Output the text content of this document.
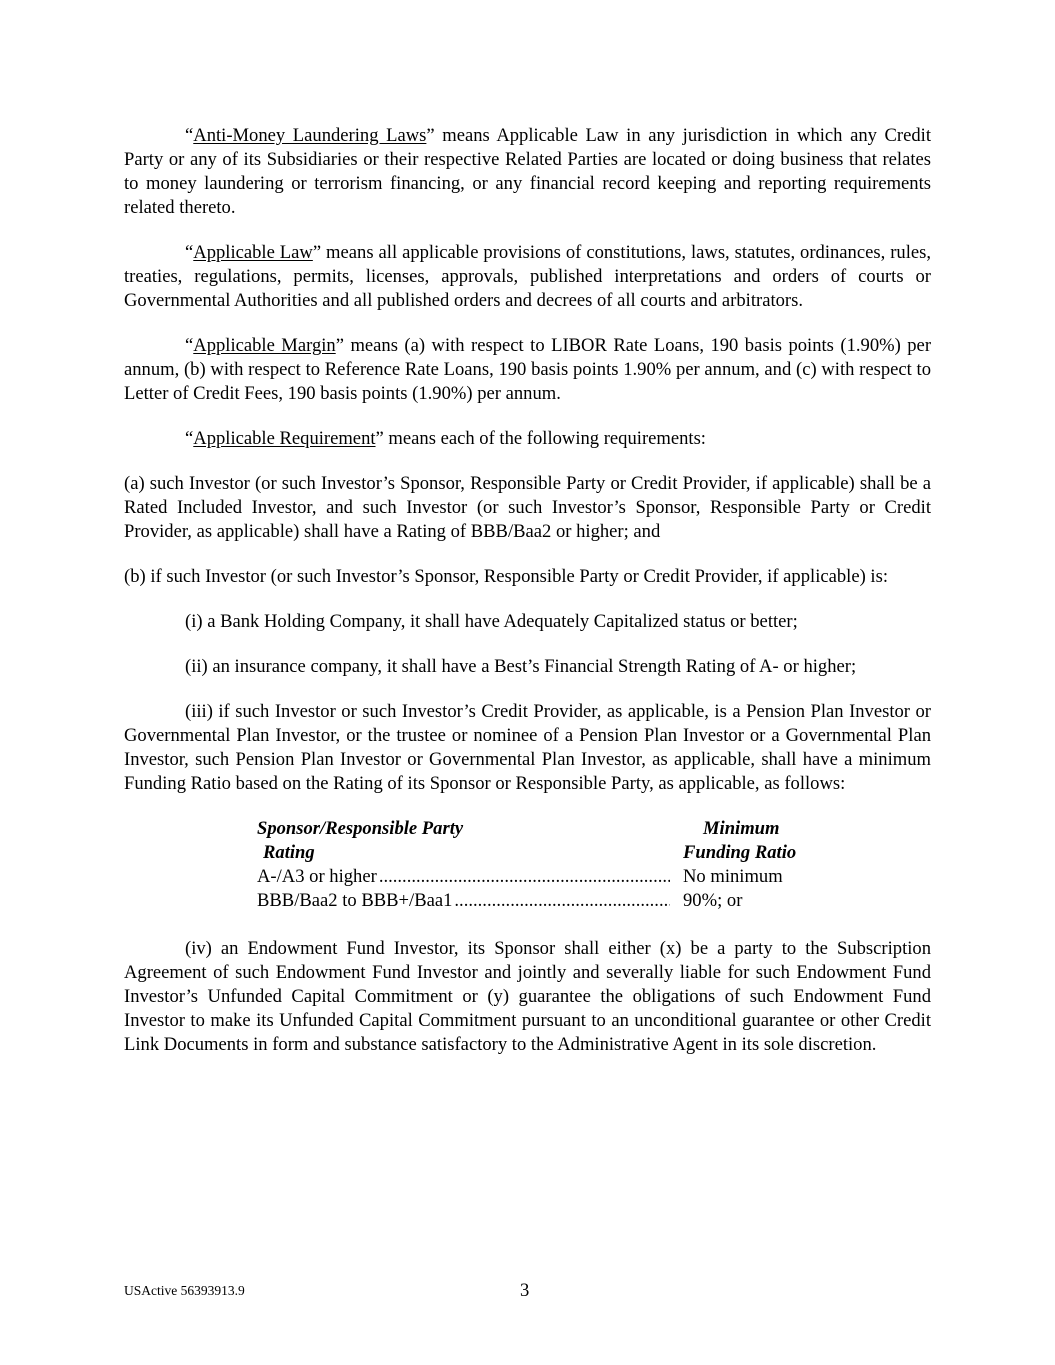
“Anti-Money Laundering Laws” means Applicable Law in any jurisdiction in which any Credit Party or any of its Subsidiaries or their respective Related Parties are located or doing business that relates to money laundering or terrorism financing, or any financial record keeping and reporting requirements related thereto.

“Applicable Law” means all applicable provisions of constitutions, laws, statutes, ordinances, rules, treaties, regulations, permits, licenses, approvals, published interpretations and orders of courts or Governmental Authorities and all published orders and decrees of all courts and arbitrators.

“Applicable Margin” means (a) with respect to LIBOR Rate Loans, 190 basis points (1.90%) per annum, (b) with respect to Reference Rate Loans, 190 basis points 1.90% per annum, and (c) with respect to Letter of Credit Fees, 190 basis points (1.90%) per annum.

“Applicable Requirement” means each of the following requirements:

(a) such Investor (or such Investor’s Sponsor, Responsible Party or Credit Provider, if applicable) shall be a Rated Included Investor, and such Investor (or such Investor’s Sponsor, Responsible Party or Credit Provider, as applicable) shall have a Rating of BBB/Baa2 or higher; and

(b) if such Investor (or such Investor’s Sponsor, Responsible Party or Credit Provider, if applicable) is:

(i) a Bank Holding Company, it shall have Adequately Capitalized status or better;

(ii) an insurance company, it shall have a Best’s Financial Strength Rating of A- or higher;

(iii) if such Investor or such Investor’s Credit Provider, as applicable, is a Pension Plan Investor or Governmental Plan Investor, or the trustee or nominee of a Pension Plan Investor or a Governmental Plan Investor, such Pension Plan Investor or Governmental Plan Investor, as applicable, shall have a minimum Funding Ratio based on the Rating of its Sponsor or Responsible Party, as applicable, as follows:

Sponsor/Responsible Party	Minimum
Rating	Funding Ratio
A-/A3 or higher .....	No minimum
BBB/Baa2 to BBB+/Baa1 .....	90%; or

(iv) an Endowment Fund Investor, its Sponsor shall either (x) be a party to the Subscription Agreement of such Endowment Fund Investor and jointly and severally liable for such Endowment Fund Investor’s Unfunded Capital Commitment or (y) guarantee the obligations of such Endowment Fund Investor to make its Unfunded Capital Commitment pursuant to an unconditional guarantee or other Credit Link Documents in form and substance satisfactory to the Administrative Agent in its sole discretion.

USActive 56393913.9	3
